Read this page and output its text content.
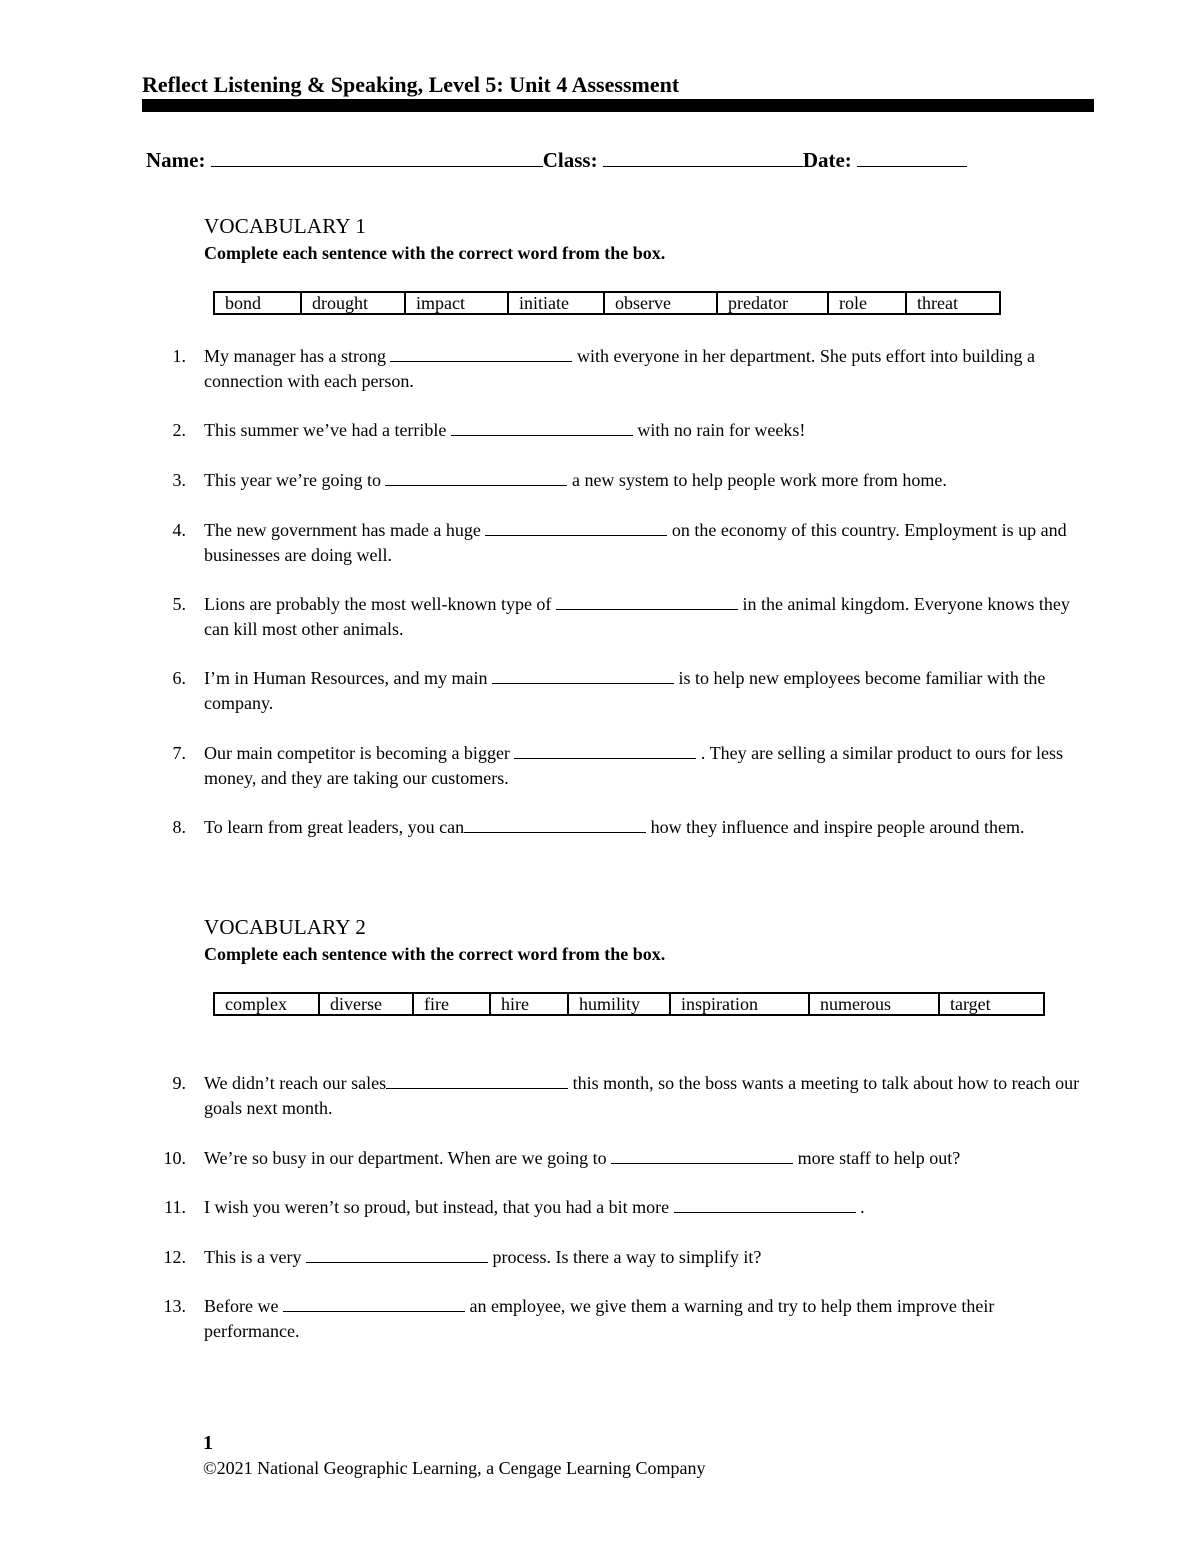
Reflect Listening & Speaking, Level 5: Unit 4 Assessment
Name:	Class:	Date:
VOCABULARY 1
Complete each sentence with the correct word from the box.
bond	drought	impact	initiate	observe	predator	role	threat
1. My manager has a strong	with everyone in her department. She puts effort into building a connection with each person.
2. This summer we’ve had a terrible	with no rain for weeks!
3. This year we’re going to	a new system to help people work more from home.
4. The new government has made a huge	on the economy of this country. Employment is up and businesses are doing well.
5. Lions are probably the most well-known type of	in the animal kingdom. Everyone knows they can kill most other animals.
6. I’m in Human Resources, and my main	is to help new employees become familiar with the company.
7. Our main competitor is becoming a bigger	. They are selling a similar product to ours for less money, and they are taking our customers.
8. To learn from great leaders, you can	how they influence and inspire people around them.
VOCABULARY 2
Complete each sentence with the correct word from the box.
complex	diverse	fire	hire	humility	inspiration	numerous	target
9. We didn’t reach our sales	this month, so the boss wants a meeting to talk about how to reach our goals next month.
10. We’re so busy in our department. When are we going to	more staff to help out?
11. I wish you weren’t so proud, but instead, that you had a bit more	.
12. This is a very	process. Is there a way to simplify it?
13. Before we	an employee, we give them a warning and try to help them improve their performance.
1
©2021 National Geographic Learning, a Cengage Learning Company
